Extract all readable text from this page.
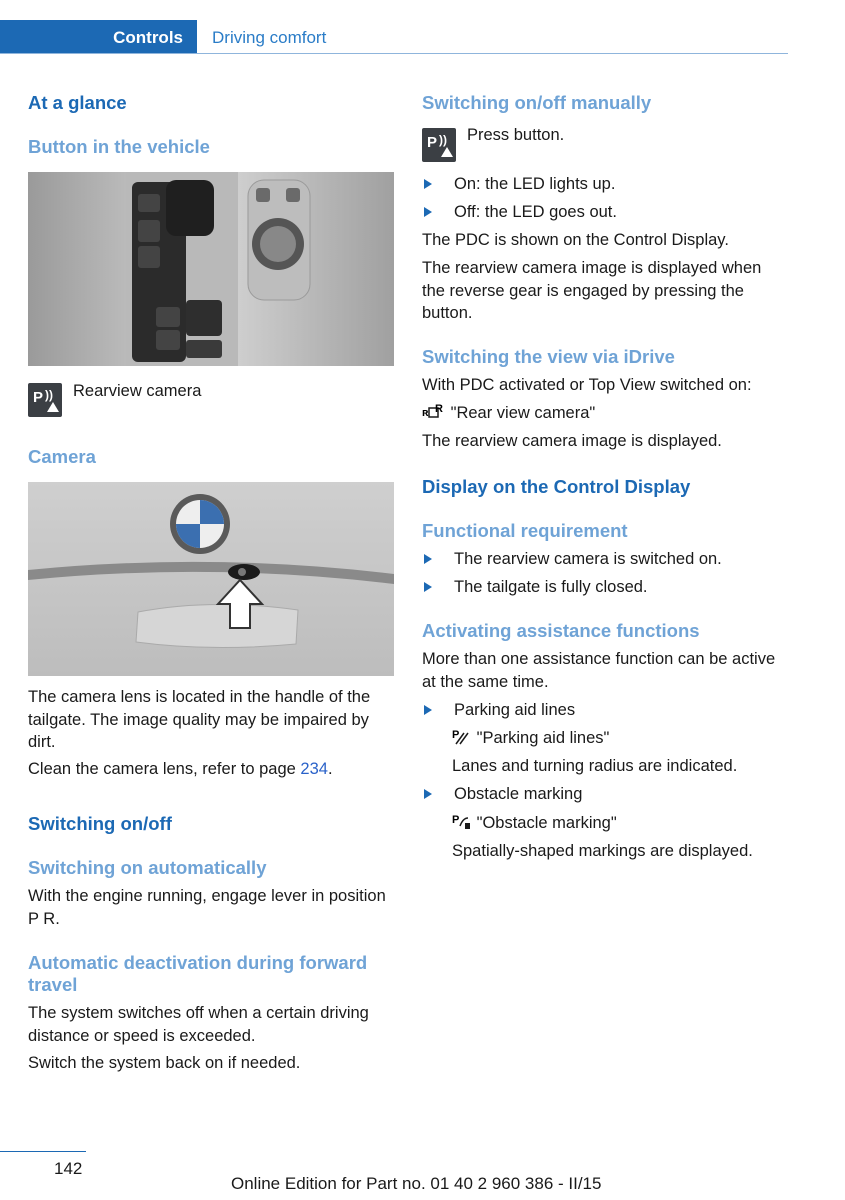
Controls Driving comfort
At a glance
Button in the vehicle
P )) Rearview camera
Camera
The camera lens is located in the handle of the tailgate. The image quality may be impaired by dirt.
Clean the camera lens, refer to page 234.
Switching on/off
Switching on automatically
With the engine running, engage lever in position P R.
Automatic deactivation during forward travel
The system switches off when a certain driving distance or speed is exceeded.
Switch the system back on if needed.
Switching on/off manually
P )) Press button.
On: the LED lights up.
Off: the LED goes out.
The PDC is shown on the Control Display.
The rearview camera image is displayed when the reverse gear is engaged by pressing the button.
Switching the view via iDrive
With PDC activated or Top View switched on:
ʀ R "Rear view camera"
The rearview camera image is displayed.
Display on the Control Display
Functional requirement
The rearview camera is switched on.
The tailgate is fully closed.
Activating assistance functions
More than one assistance function can be active at the same time.
Parking aid lines
P "Parking aid lines"
Lanes and turning radius are indicated.
Obstacle marking
P "Obstacle marking"
Spatially-shaped markings are displayed.
142
Online Edition for Part no. 01 40 2 960 386 - II/15
